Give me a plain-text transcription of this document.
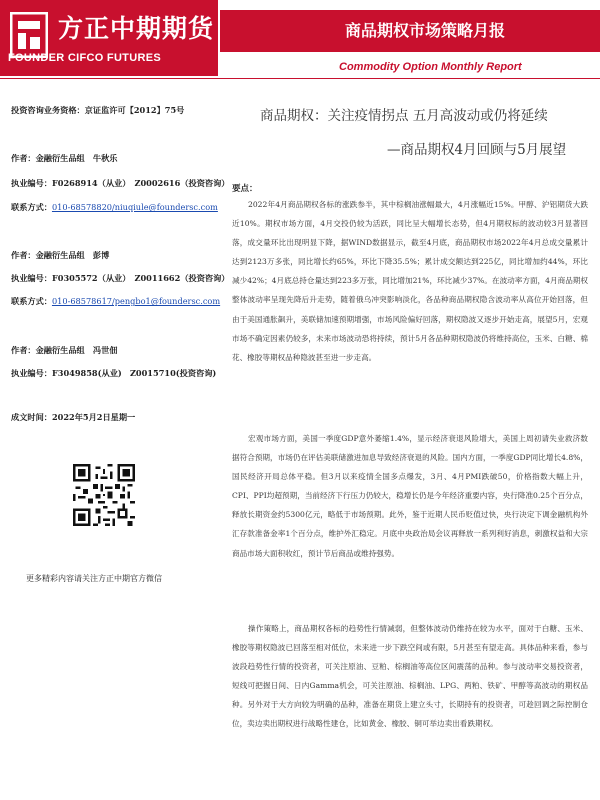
方正中期期货
FOUNDER CIFCO FUTURES
商品期权市场策略月报
Commodity Option Monthly Report
投资咨询业务资格：京证监许可【2012】75号
作者：金融衍生品组　牛秋乐
执业编号：F0268914（从业）　Z0002616（投资咨询）
联系方式：010-68578820/niuqiule@foundersc.com
作者：金融衍生品组　彭博
执业编号：F0305572（从业）　Z0011662（投资咨询）
联系方式：010-68578617/pengbo1@foundersc.com
作者：金融衍生品组　冯世佃
执业编号：F3049858(从业)　Z0015710(投资咨询)
成文时间：2022年5月2日星期一
更多精彩内容请关注方正中期官方微信
商品期权：关注疫情拐点 五月高波动或仍将延续
—商品期权4月回顾与5月展望
要点：
2022年4月商品期权各标的涨跌参半，其中棕榈油涨幅最大，4月涨幅近15%。甲醇、沪铝期货大跌近10%。期权市场方面，4月交投仍较为活跃，同比呈大幅增长态势，但4月期权标的波动较3月显著回落，成交量环比出现明显下降，据WIND数据显示，截至4月底，商品期权市场2022年4月总成交量累计达到2123万多张，同比增长约65%，环比下降35.5%；累计成交额达到225亿，同比增加约44%，环比减少42%；4月底总持仓量达到223多万张，同比增加21%，环比减少37%。在波动率方面，4月商品期权整体波动率呈现先降后升走势，随着俄乌冲突影响淡化，各品种商品期权隐含波动率从高位开始回落，但由于美国通胀飙升，美联储加速预期增强，市场风险偏好回落，期权隐波又逐步开始走高，展望5月，宏观市场不确定因素仍较多，未来市场波动恐将持续，预计5月各品种期权隐波仍将维持高位，玉米、白糖、棉花、橡胶等期权品种隐波甚至进一步走高。
宏观市场方面，美国一季度GDP意外萎缩1.4%，显示经济衰退风险增大，美国上周初请失业救济数据符合预期，市场仍在评估美联储激进加息导致经济衰退的风险。国内方面，一季度GDP同比增长4.8%，国民经济开局总体平稳。但3月以来疫情全国多点爆发，3月、4月PMI跌破50，价格指数大幅上升，CPI、PPI均超预期，当前经济下行压力仍较大，稳增长仍是今年经济重要内容，央行降准0.25个百分点，释放长期资金约5300亿元，略低于市场预期。此外，鉴于近期人民币贬值过快，央行决定下调金融机构外汇存款准备金率1个百分点，维护外汇稳定。月底中央政治局会议再释放一系列利好消息，刺激权益和大宗商品市场大面积收红，预计节后商品或维持强势。
操作策略上，商品期权各标的趋势性行情减弱，但整体波动仍维持在较为水平，面对于白糖、玉米、橡胶等期权隐波已回落至相对低位，未来进一步下跌空间或有限，5月甚至有望走高。具体品种来看，参与波段趋势性行情的投资者，可关注原油、豆粕、棕榈油等高位区间震荡的品种。参与波动率交易投资者，短线可把握日间、日内Gamma机会，可关注原油、棕榈油、LPG、两粕、铁矿、甲醇等高波动的期权品种。另外对于大方向较为明确的品种，准备在期货上建立头寸，长期持有的投资者，可趁回调之际控制仓位，卖边卖出期权进行战略性建仓，比如黄金、橡胶、铜可举边卖出看跌期权。
